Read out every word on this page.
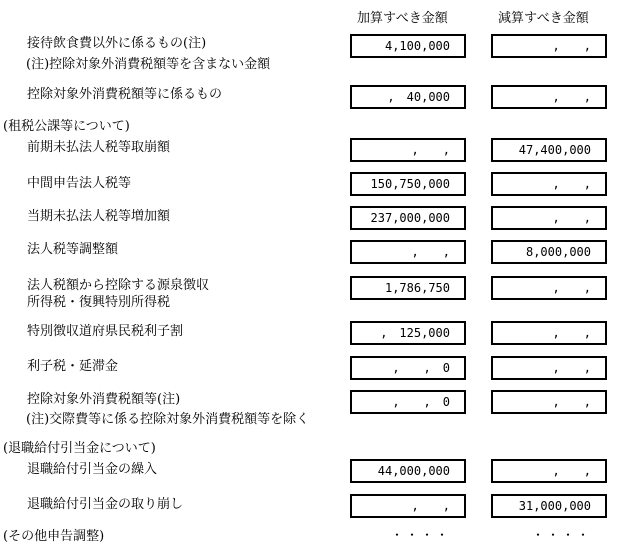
加算すべき金額	減算すべき金額
接待飲食費以外に係るもの(注)
(注)控除対象外消費税額等を含まない金額
4,100,000	,　　,
控除対象外消費税額等に係るもの	,　40,000	,　　,
(租税公課等について)
前期未払法人税等取崩額	,　　,	47,400,000
中間申告法人税等	150,750,000	,　　,
当期未払法人税等増加額	237,000,000	,　　,
法人税等調整額	,　　,	8,000,000
法人税額から控除する源泉徴収
所得税・復興特別所得税
1,786,750	,　　,
特別徴収道府県民税利子割	,　125,000	,　　,
利子税・延滞金	,　　,　0	,　　,
控除対象外消費税額等(注)
(注)交際費等に係る控除対象外消費税額等を除く
,　　,　0	,　　,
(退職給付引当金について)
退職給付引当金の繰入	44,000,000	,　　,
退職給付引当金の取り崩し	,　　,	31,000,000
(その他申告調整)	・・・・	・・・・
